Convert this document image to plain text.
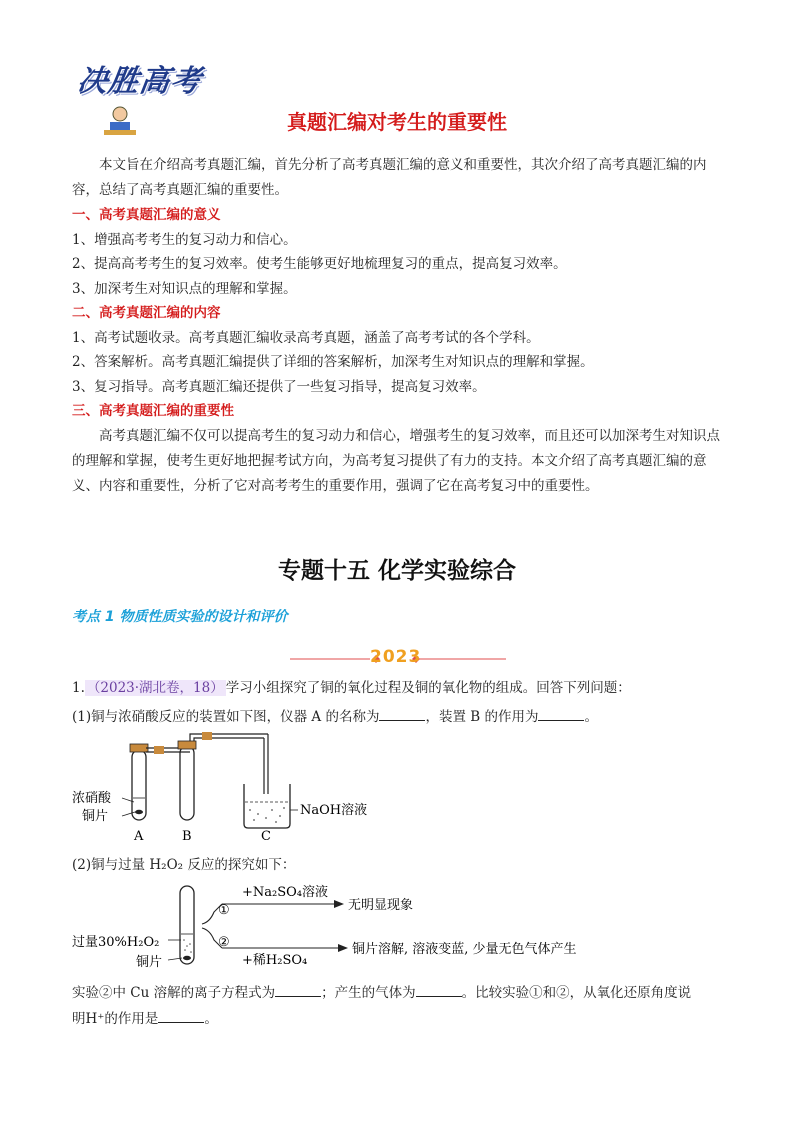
决胜高考
真题汇编对考生的重要性
本文旨在介绍高考真题汇编，首先分析了高考真题汇编的意义和重要性，其次介绍了高考真题汇编的内容，总结了高考真题汇编的重要性。
一、高考真题汇编的意义
1、增强高考考生的复习动力和信心。
2、提高高考考生的复习效率。使考生能够更好地梳理复习的重点，提高复习效率。
3、加深考生对知识点的理解和掌握。
二、高考真题汇编的内容
1、高考试题收录。高考真题汇编收录高考真题，涵盖了高考考试的各个学科。
2、答案解析。高考真题汇编提供了详细的答案解析，加深考生对知识点的理解和掌握。
3、复习指导。高考真题汇编还提供了一些复习指导，提高复习效率。
三、高考真题汇编的重要性
高考真题汇编不仅可以提高考生的复习动力和信心，增强考生的复习效率，而且还可以加深考生对知识点的理解和掌握，使考生更好地把握考试方向，为高考复习提供了有力的支持。本文介绍了高考真题汇编的意义、内容和重要性，分析了它对高考考生的重要作用，强调了它在高考复习中的重要性。
专题十五 化学实验综合
考点 1 物质性质实验的设计和评价
2023
1. （2023·湖北卷，18） 学习小组探究了铜的氧化过程及铜的氧化物的组成。回答下列问题：
(1)铜与浓硝酸反应的装置如下图，仪器 A 的名称为	，装置 B 的作用为	。
浓硝酸
铜片	NaOH溶液
A	B	C
(2)铜与过量 H₂O₂ 反应的探究如下：
过量30%H₂O₂
铜片
①
+Na₂SO₄溶液
无明显现象
②
+稀H₂SO₄
铜片溶解, 溶液变蓝, 少量无色气体产生
实验②中 Cu 溶解的离子方程式为	；产生的气体为	。比较实验①和②，从氧化还原角度说
明H⁺的作用是	。
